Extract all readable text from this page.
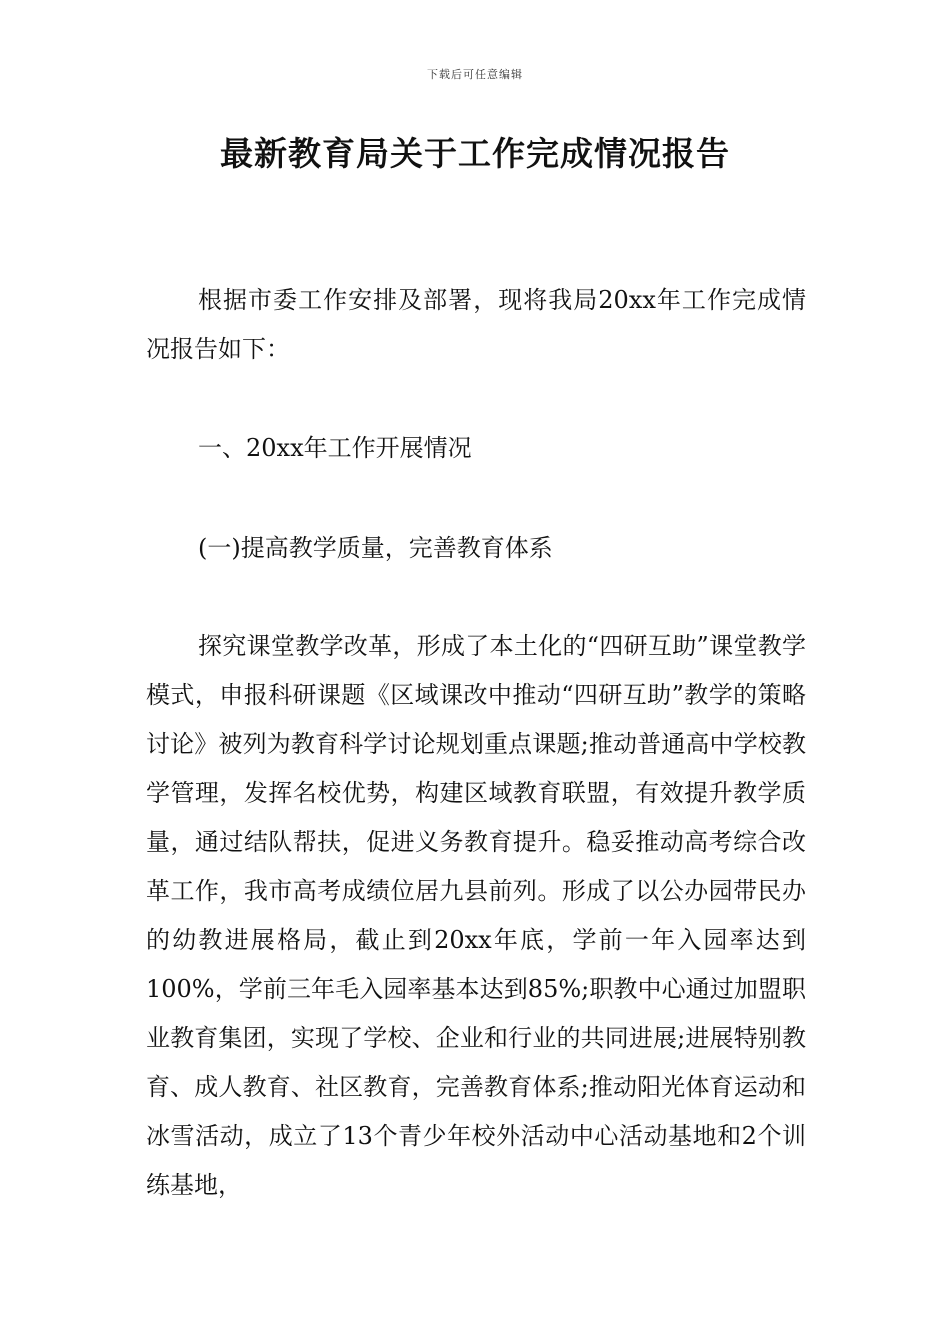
下载后可任意编辑
最新教育局关于工作完成情况报告

根据市委工作安排及部署，现将我局20xx年工作完成情况报告如下：

一、20xx年工作开展情况

(一)提高教学质量，完善教育体系

探究课堂教学改革，形成了本土化的“四研互助”课堂教学模式，申报科研课题《区域课改中推动“四研互助”教学的策略讨论》被列为教育科学讨论规划重点课题;推动普通高中学校教学管理，发挥名校优势，构建区域教育联盟，有效提升教学质量，通过结队帮扶，促进义务教育提升。稳妥推动高考综合改革工作，我市高考成绩位居九县前列。形成了以公办园带民办的幼教进展格局，截止到20xx年底，学前一年入园率达到100%，学前三年毛入园率基本达到85%;职教中心通过加盟职业教育集团，实现了学校、企业和行业的共同进展;进展特别教育、成人教育、社区教育，完善教育体系;推动阳光体育运动和冰雪活动，成立了13个青少年校外活动中心活动基地和2个训练基地，
